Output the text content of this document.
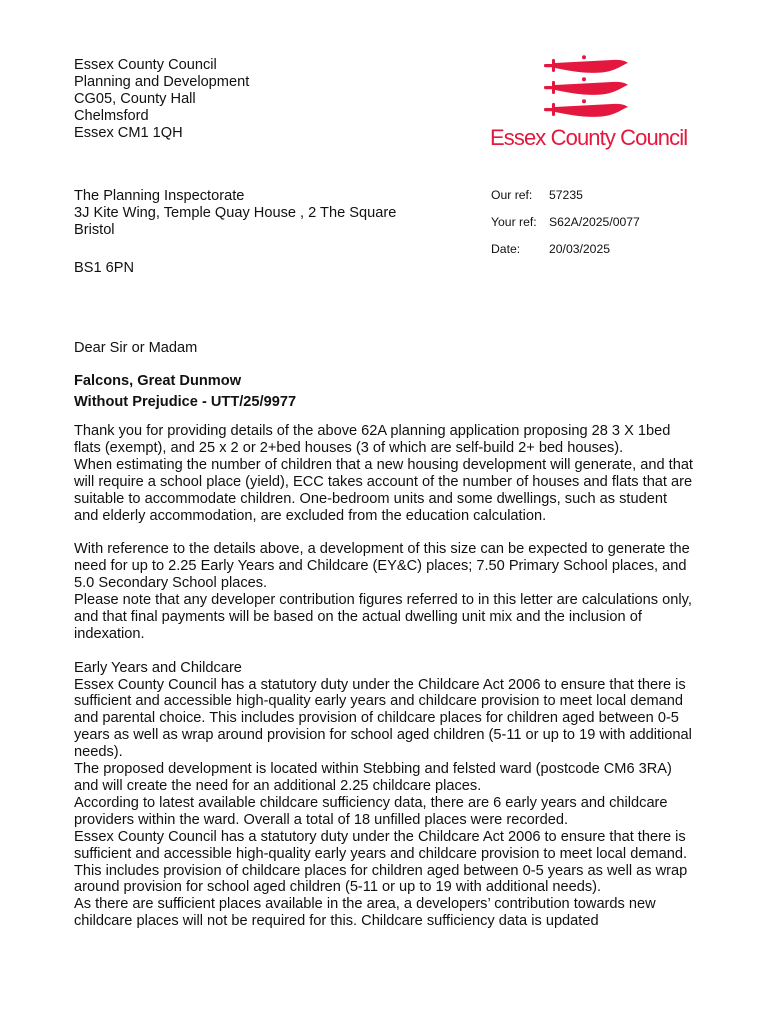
Essex County Council
Planning and Development
CG05, County Hall
Chelmsford
Essex CM1 1QH	Essex County Council
The Planning Inspectorate
3J Kite Wing, Temple Quay House , 2 The Square
Bristol
BS1 6PN
Our ref: 57235
Your ref: S62A/2025/0077
Date: 20/03/2025
Dear Sir or Madam
Falcons, Great Dunmow
Without Prejudice - UTT/25/9977

Thank you for providing details of the above 62A planning application proposing 28 3 X 1bed flats (exempt), and 25 x 2 or 2+bed houses (3 of which are self-build 2+ bed houses).

When estimating the number of children that a new housing development will generate, and that will require a school place (yield), ECC takes account of the number of houses and flats that are suitable to accommodate children. One-bedroom units and some dwellings, such as student and elderly accommodation, are excluded from the education calculation.

With reference to the details above, a development of this size can be expected to generate the need for up to 2.25 Early Years and Childcare (EY&C) places; 7.50 Primary School places, and 5.0 Secondary School places.

Please note that any developer contribution figures referred to in this letter are calculations only, and that final payments will be based on the actual dwelling unit mix and the inclusion of indexation.

Early Years and Childcare

Essex County Council has a statutory duty under the Childcare Act 2006 to ensure that there is sufficient and accessible high-quality early years and childcare provision to meet local demand and parental choice. This includes provision of childcare places for children aged between 0-5 years as well as wrap around provision for school aged children (5-11 or up to 19 with additional needs).

The proposed development is located within Stebbing and felsted ward (postcode CM6 3RA) and will create the need for an additional 2.25 childcare places.

According to latest available childcare sufficiency data, there are 6 early years and childcare providers within the ward. Overall a total of 18 unfilled places were recorded.

Essex County Council has a statutory duty under the Childcare Act 2006 to ensure that there is sufficient and accessible high-quality early years and childcare provision to meet local demand. This includes provision of childcare places for children aged between 0-5 years as well as wrap around provision for school aged children (5-11 or up to 19 with additional needs).

As there are sufficient places available in the area, a developers’ contribution towards new childcare places will not be required for this. Childcare sufficiency data is updated
